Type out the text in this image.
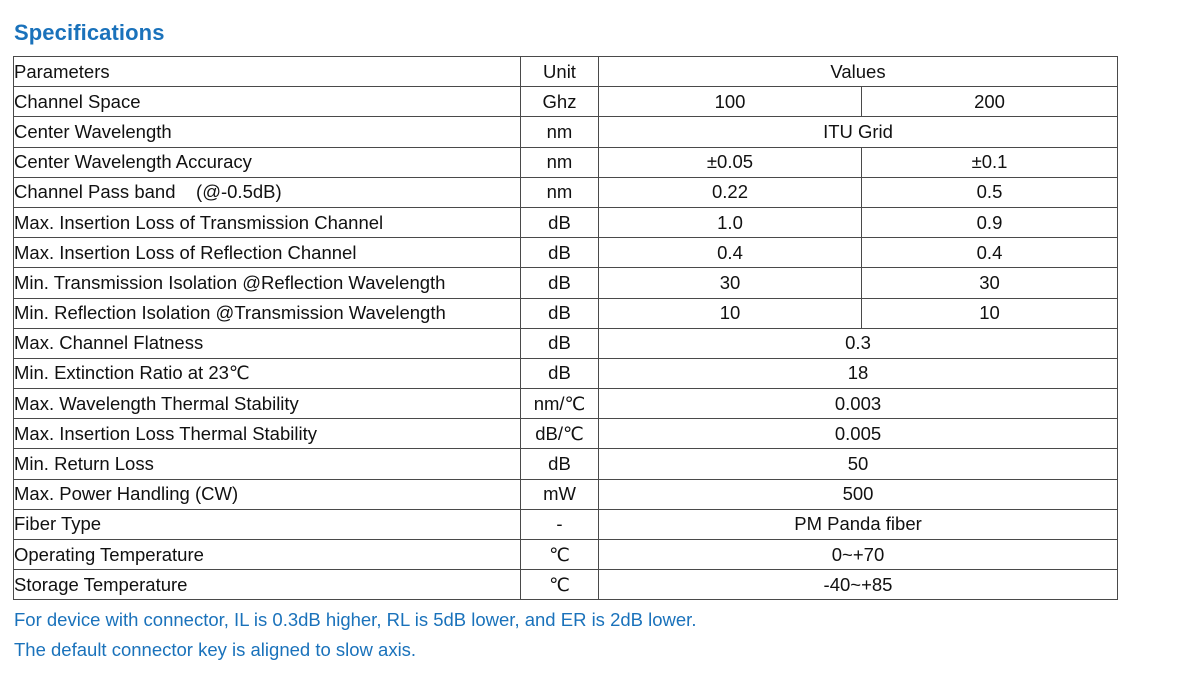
Specifications
Parameters	Unit	Values	
Channel Space	Ghz	100	200
Center Wavelength	nm	ITU Grid	
Center Wavelength Accuracy	nm	±0.05	±0.1
Channel Pass band    (@-0.5dB)	nm	0.22	0.5
Max. Insertion Loss of Transmission Channel	dB	1.0	0.9
Max. Insertion Loss of Reflection Channel	dB	0.4	0.4
Min. Transmission Isolation @Reflection Wavelength	dB	30	30
Min. Reflection Isolation @Transmission Wavelength	dB	10	10
Max. Channel Flatness	dB	0.3	
Min. Extinction Ratio at 23℃	dB	18	
Max. Wavelength Thermal Stability	nm/℃	0.003	
Max. Insertion Loss Thermal Stability	dB/℃	0.005	
Min. Return Loss	dB	50	
Max. Power Handling (CW)	mW	500	
Fiber Type	-	PM Panda fiber	
Operating Temperature	℃	0~+70	
Storage Temperature	℃	-40~+85	
For device with connector, IL is 0.3dB higher, RL is 5dB lower, and ER is 2dB lower.
The default connector key is aligned to slow axis.
